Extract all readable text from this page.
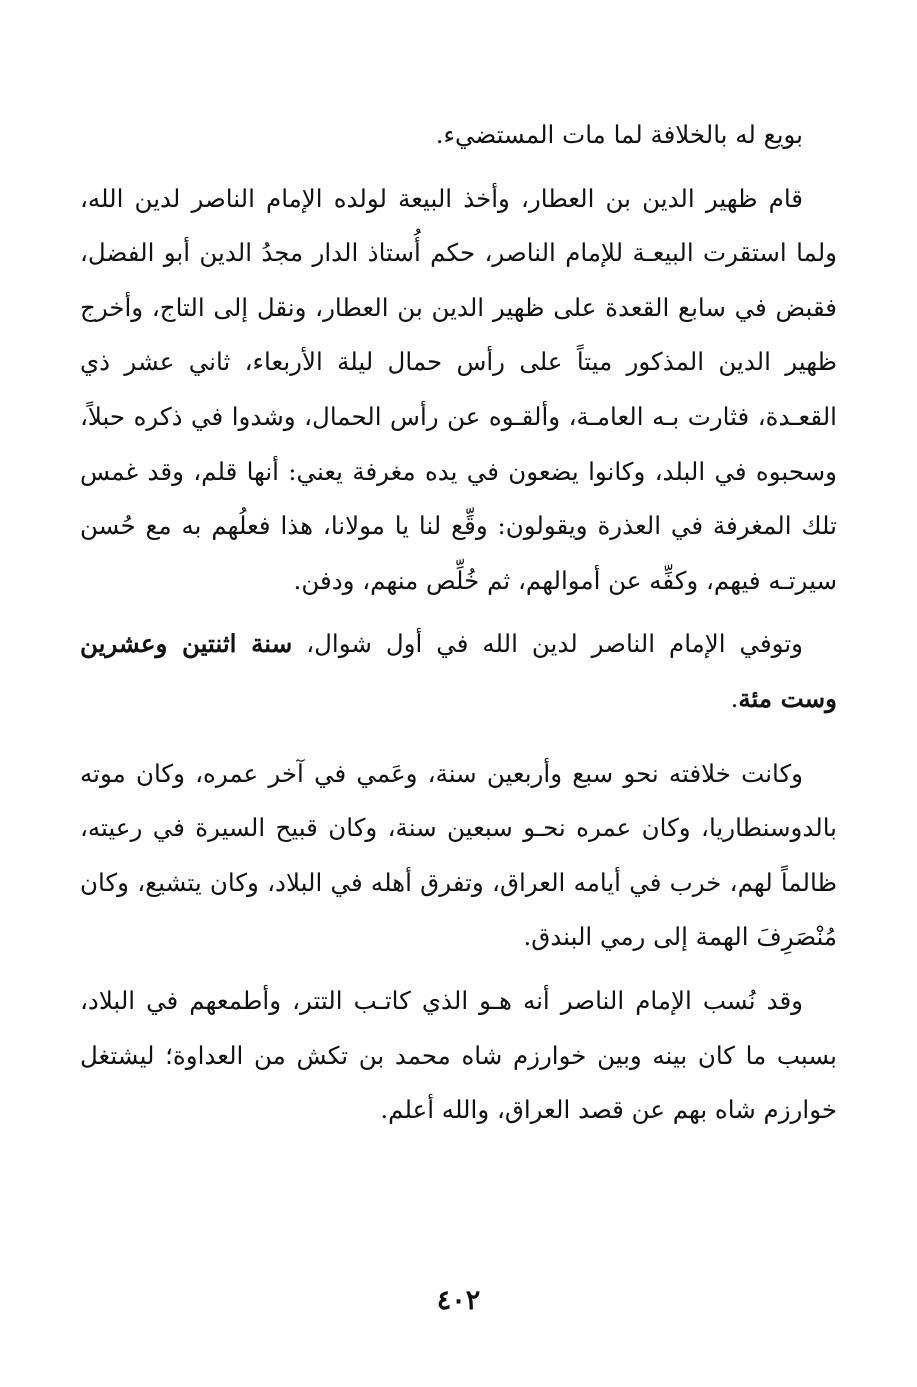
بويع له بالخلافة لما مات المستضيء.

قام ظهير الدين بن العطار، وأخذ البيعة لولده الإمام الناصر لدين الله، ولما استقرت البيعـة للإمام الناصر، حكم أُستاذ الدار مجدُ الدين أبو الفضل، فقبض في سابع القعدة على ظهير الدين بن العطار، ونقل إلى التاج، وأخرج ظهير الدين المذكور ميتاً على رأس حمال ليلة الأربعاء، ثاني عشر ذي القعـدة، فثارت بـه العامـة، وألقـوه عن رأس الحمال، وشدوا في ذكره حبلاً، وسحبوه في البلد، وكانوا يضعون في يده مغرفة يعني: أنها قلم، وقد غمس تلك المغرفة في العذرة ويقولون: وقِّع لنا يا مولانا، هذا فعلُهم به مع حُسن سيرتـه فيهم، وكفِّه عن أموالهم، ثم خُلِّص منهم، ودفن.

وتوفي الإمام الناصر لدين الله في أول شوال، سنة اثنتين وعشرين وست مئة.

وكانت خلافته نحو سبع وأربعين سنة، وعَمي في آخر عمره، وكان موته بالدوسنطاريا، وكان عمره نحـو سبعين سنة، وكان قبيح السيرة في رعيته، ظالماً لهم، خرب في أيامه العراق، وتفرق أهله في البلاد، وكان يتشيع، وكان مُنْصَرِفَ الهمة إلى رمي البندق.

وقد نُسب الإمام الناصر أنه هـو الذي كاتـب التتر، وأطمعهم في البلاد، بسبب ما كان بينه وبين خوارزم شاه محمد بن تكش من العداوة؛ ليشتغل خوارزم شاه بهم عن قصد العراق، والله أعلم.

٤٠٢
